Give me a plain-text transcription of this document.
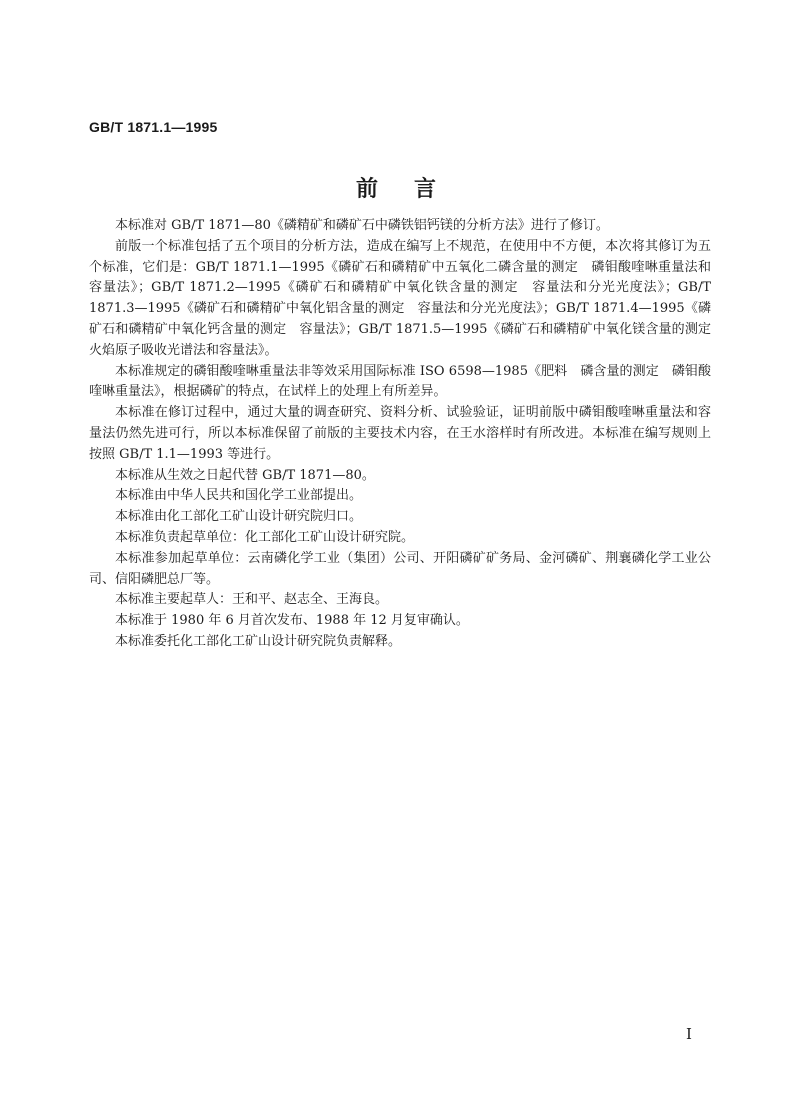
GB/T 1871.1—1995
前言

本标准对 GB/T 1871—80《磷精矿和磷矿石中磷铁铝钙镁的分析方法》进行了修订。

前版一个标准包括了五个项目的分析方法，造成在编写上不规范，在使用中不方便，本次将其修订为五个标准，它们是：GB/T 1871.1—1995《磷矿石和磷精矿中五氧化二磷含量的测定　磷钼酸喹啉重量法和容量法》；GB/T 1871.2—1995《磷矿石和磷精矿中氧化铁含量的测定　容量法和分光光度法》；GB/T 1871.3—1995《磷矿石和磷精矿中氧化铝含量的测定　容量法和分光光度法》；GB/T 1871.4—1995《磷矿石和磷精矿中氧化钙含量的测定　容量法》；GB/T 1871.5—1995《磷矿石和磷精矿中氧化镁含量的测定　火焰原子吸收光谱法和容量法》。

本标准规定的磷钼酸喹啉重量法非等效采用国际标准 ISO 6598—1985《肥料　磷含量的测定　磷钼酸喹啉重量法》，根据磷矿的特点，在试样上的处理上有所差异。

本标准在修订过程中，通过大量的调查研究、资料分析、试验验证，证明前版中磷钼酸喹啉重量法和容量法仍然先进可行，所以本标准保留了前版的主要技术内容，在王水溶样时有所改进。本标准在编写规则上按照 GB/T 1.1—1993 等进行。

本标准从生效之日起代替 GB/T 1871—80。

本标准由中华人民共和国化学工业部提出。

本标准由化工部化工矿山设计研究院归口。

本标准负责起草单位：化工部化工矿山设计研究院。

本标准参加起草单位：云南磷化学工业（集团）公司、开阳磷矿矿务局、金河磷矿、荆襄磷化学工业公司、信阳磷肥总厂等。

本标准主要起草人：王和平、赵志全、王海良。

本标准于 1980 年 6 月首次发布、1988 年 12 月复审确认。

本标准委托化工部化工矿山设计研究院负责解释。

I
